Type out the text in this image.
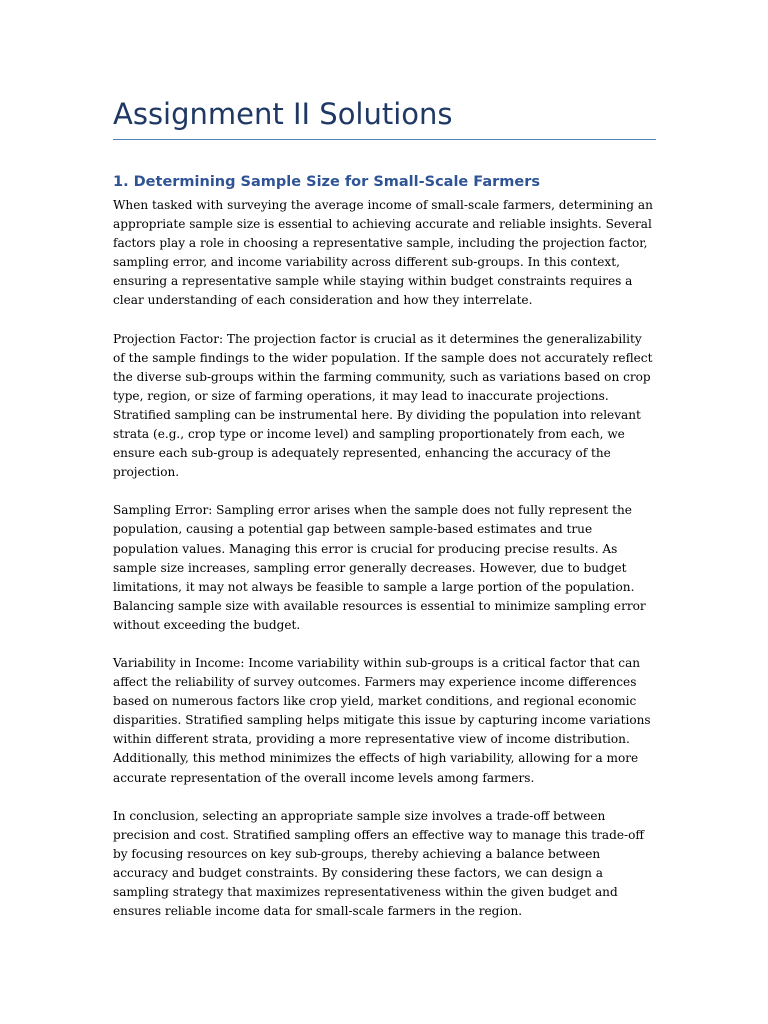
Assignment II Solutions
1. Determining Sample Size for Small-Scale Farmers

When tasked with surveying the average income of small-scale farmers, determining an appropriate sample size is essential to achieving accurate and reliable insights. Several factors play a role in choosing a representative sample, including the projection factor, sampling error, and income variability across different sub-groups. In this context, ensuring a representative sample while staying within budget constraints requires a clear understanding of each consideration and how they interrelate.

Projection Factor: The projection factor is crucial as it determines the generalizability of the sample findings to the wider population. If the sample does not accurately reflect the diverse sub-groups within the farming community, such as variations based on crop type, region, or size of farming operations, it may lead to inaccurate projections. Stratified sampling can be instrumental here. By dividing the population into relevant strata (e.g., crop type or income level) and sampling proportionately from each, we ensure each sub-group is adequately represented, enhancing the accuracy of the projection.

Sampling Error: Sampling error arises when the sample does not fully represent the population, causing a potential gap between sample-based estimates and true population values. Managing this error is crucial for producing precise results. As sample size increases, sampling error generally decreases. However, due to budget limitations, it may not always be feasible to sample a large portion of the population. Balancing sample size with available resources is essential to minimize sampling error without exceeding the budget.

Variability in Income: Income variability within sub-groups is a critical factor that can affect the reliability of survey outcomes. Farmers may experience income differences based on numerous factors like crop yield, market conditions, and regional economic disparities. Stratified sampling helps mitigate this issue by capturing income variations within different strata, providing a more representative view of income distribution. Additionally, this method minimizes the effects of high variability, allowing for a more accurate representation of the overall income levels among farmers.

In conclusion, selecting an appropriate sample size involves a trade-off between precision and cost. Stratified sampling offers an effective way to manage this trade-off by focusing resources on key sub-groups, thereby achieving a balance between accuracy and budget constraints. By considering these factors, we can design a sampling strategy that maximizes representativeness within the given budget and ensures reliable income data for small-scale farmers in the region.
